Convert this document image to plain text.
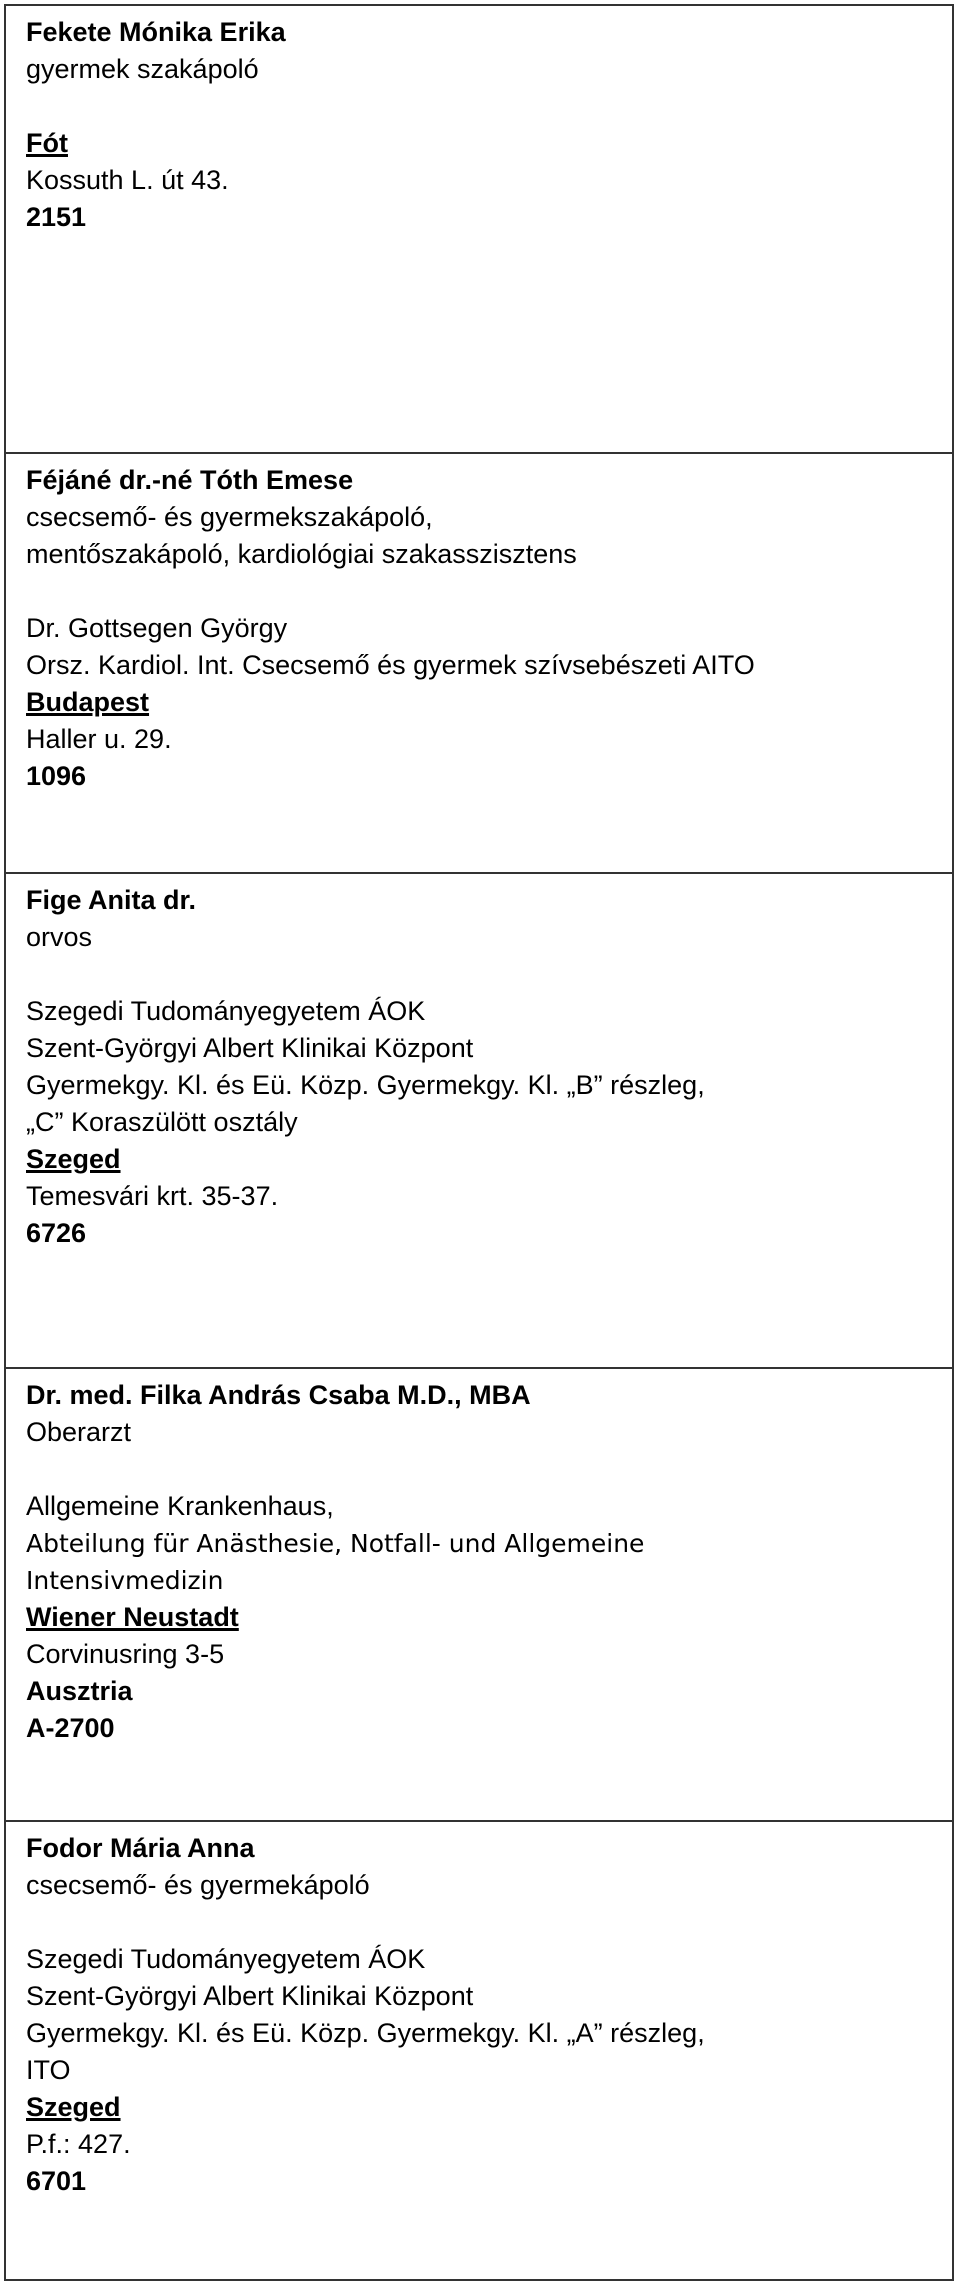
Fekete Mónika Erika
gyermek szakápoló
Fót
Kossuth L. út 43.
2151
Féjáné dr.-né Tóth Emese
csecsemő- és gyermekszakápoló,
mentőszakápoló, kardiológiai szakasszisztens
Dr. Gottsegen György
Orsz. Kardiol. Int. Csecsemő és gyermek szívsebészeti AITO
Budapest
Haller u. 29.
1096
Fige Anita dr.
orvos
Szegedi Tudományegyetem ÁOK
Szent-Györgyi Albert Klinikai Központ
Gyermekgy. Kl. és Eü. Közp. Gyermekgy. Kl. „B” részleg,
„C” Koraszülött osztály
Szeged
Temesvári krt. 35-37.
6726
Dr. med. Filka András Csaba M.D., MBA
Oberarzt
Allgemeine Krankenhaus,
Abteilung für Anästhesie, Notfall- und Allgemeine
Intensivmedizin
Wiener Neustadt
Corvinusring 3-5
Ausztria
A-2700
Fodor Mária Anna
csecsemő- és gyermekápoló
Szegedi Tudományegyetem ÁOK
Szent-Györgyi Albert Klinikai Központ
Gyermekgy. Kl. és Eü. Közp. Gyermekgy. Kl. „A” részleg,
ITO
Szeged
P.f.: 427.
6701
